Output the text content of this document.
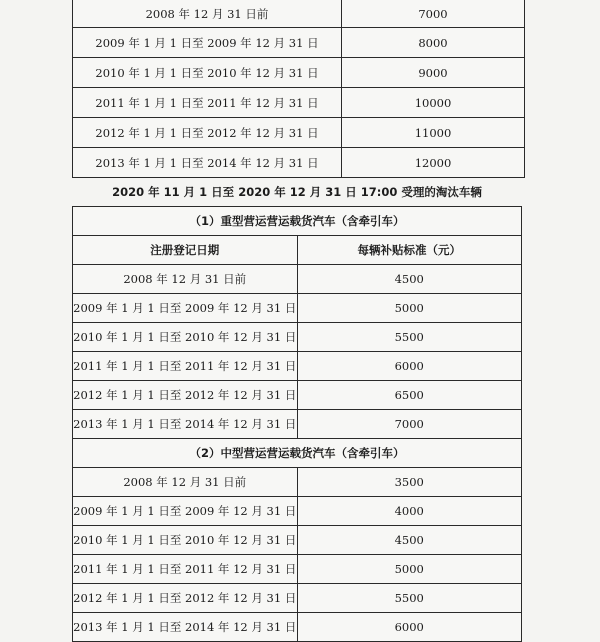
2008 年 12 月 31 日前	7000
2009 年 1 月 1 日至 2009 年 12 月 31 日	8000
2010 年 1 月 1 日至 2010 年 12 月 31 日	9000
2011 年 1 月 1 日至 2011 年 12 月 31 日	10000
2012 年 1 月 1 日至 2012 年 12 月 31 日	11000
2013 年 1 月 1 日至 2014 年 12 月 31 日	12000
2020 年 11 月 1 日至 2020 年 12 月 31 日 17:00 受理的淘汰车辆
（1）重型营运营运载货汽车（含牵引车）	
注册登记日期	每辆补贴标准（元）
2008 年 12 月 31 日前	4500
2009 年 1 月 1 日至 2009 年 12 月 31 日	5000
2010 年 1 月 1 日至 2010 年 12 月 31 日	5500
2011 年 1 月 1 日至 2011 年 12 月 31 日	6000
2012 年 1 月 1 日至 2012 年 12 月 31 日	6500
2013 年 1 月 1 日至 2014 年 12 月 31 日	7000
（2）中型营运营运载货汽车（含牵引车）	
2008 年 12 月 31 日前	3500
2009 年 1 月 1 日至 2009 年 12 月 31 日	4000
2010 年 1 月 1 日至 2010 年 12 月 31 日	4500
2011 年 1 月 1 日至 2011 年 12 月 31 日	5000
2012 年 1 月 1 日至 2012 年 12 月 31 日	5500
2013 年 1 月 1 日至 2014 年 12 月 31 日	6000
